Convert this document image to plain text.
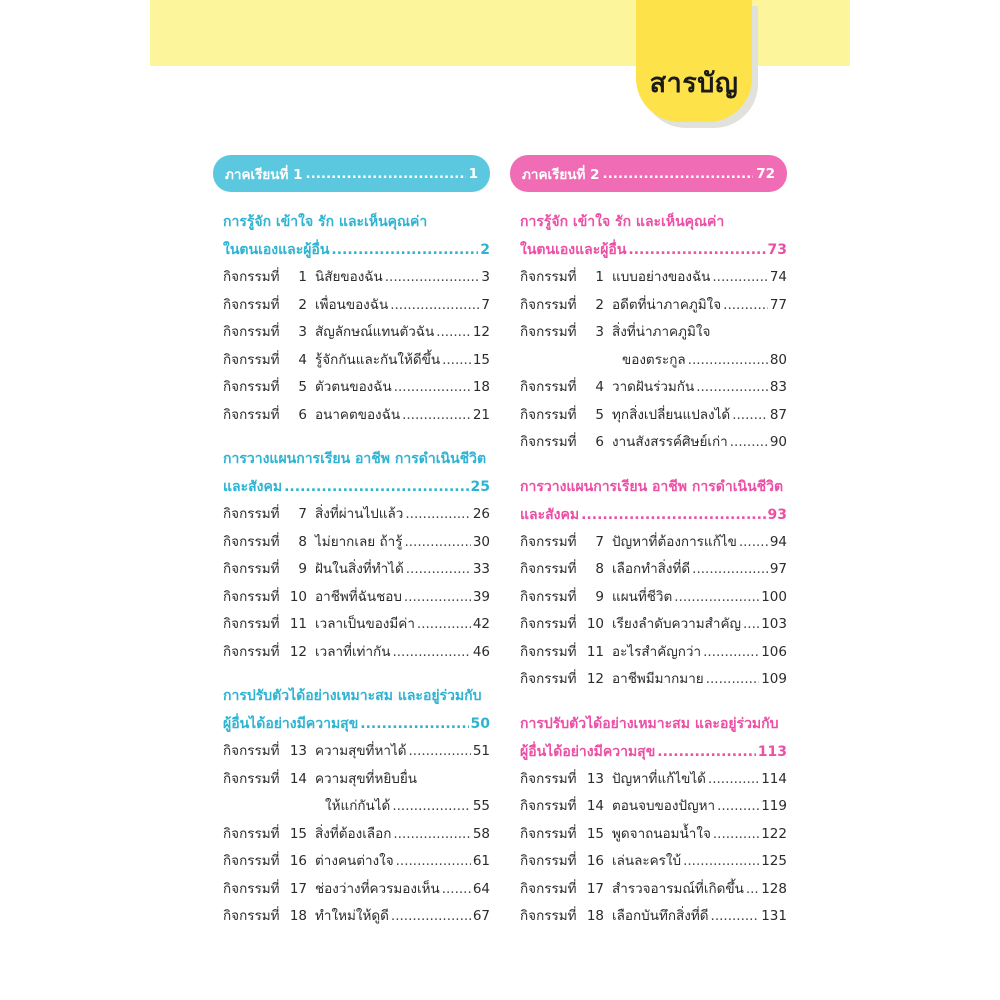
สารบัญ
ภาคเรียนที่ 1 .....	1
การรู้จัก เข้าใจ รัก และเห็นคุณค่า
ในตนเองและผู้อื่น .....	2
กิจกรรมที่	1 นิสัยของฉัน .....	3
กิจกรรมที่	2 เพื่อนของฉัน .....	7
กิจกรรมที่	3 สัญลักษณ์แทนตัวฉัน .....	12
กิจกรรมที่	4 รู้จักกันและกันให้ดีขึ้น ..... 15
กิจกรรมที่	5 ตัวตนของฉัน .....	18
กิจกรรมที่	6 อนาคตของฉัน .....	21
การวางแผนการเรียน อาชีพ การดำเนินชีวิต
และสังคม .....	25
กิจกรรมที่	7 สิ่งที่ผ่านไปแล้ว .....	26
กิจกรรมที่	8 ไม่ยากเลย ถ้ารู้ .....	30
กิจกรรมที่	9 ฝันในสิ่งที่ทำได้ .....	33
กิจกรรมที่ 10 อาชีพที่ฉันชอบ .....	39
กิจกรรมที่ 11 เวลาเป็นของมีค่า .....	42
กิจกรรมที่ 12 เวลาที่เท่ากัน .....	46
การปรับตัวได้อย่างเหมาะสม และอยู่ร่วมกับ
ผู้อื่นได้อย่างมีความสุข .....	50
กิจกรรมที่ 13 ความสุขที่หาได้ .....	51
กิจกรรมที่ 14 ความสุขที่หยิบยื่น
ให้แก่กันได้ .....	55
กิจกรรมที่ 15 สิ่งที่ต้องเลือก .....	58
กิจกรรมที่ 16 ต่างคนต่างใจ .....	61
กิจกรรมที่ 17 ช่องว่างที่ควรมองเห็น ..... 64
กิจกรรมที่ 18 ทำใหม่ให้ดูดี .....	67
ภาคเรียนที่ 2 .....	72
การรู้จัก เข้าใจ รัก และเห็นคุณค่า
ในตนเองและผู้อื่น .....	73
กิจกรรมที่	1 แบบอย่างของฉัน .....	74
กิจกรรมที่	2 อดีตที่น่าภาคภูมิใจ .....	77
กิจกรรมที่	3 สิ่งที่น่าภาคภูมิใจ
ของตระกูล .....	80
กิจกรรมที่	4 วาดฝันร่วมกัน .....	83
กิจกรรมที่	5 ทุกสิ่งเปลี่ยนแปลงได้ .....	87
กิจกรรมที่	6 งานสังสรรค์ศิษย์เก่า .....	90
การวางแผนการเรียน อาชีพ การดำเนินชีวิต
และสังคม .....	93
กิจกรรมที่	7 ปัญหาที่ต้องการแก้ไข ..... 94
กิจกรรมที่	8 เลือกทำสิ่งที่ดี .....	97
กิจกรรมที่	9 แผนที่ชีวิต .....	100
กิจกรรมที่ 10 เรียงลำดับความสำคัญ ..... 103
กิจกรรมที่ 11 อะไรสำคัญกว่า .....	106
กิจกรรมที่ 12 อาชีพมีมากมาย .....	109
การปรับตัวได้อย่างเหมาะสม และอยู่ร่วมกับ
ผู้อื่นได้อย่างมีความสุข .....	113
กิจกรรมที่ 13 ปัญหาที่แก้ไขได้ .....	114
กิจกรรมที่ 14 ตอนจบของปัญหา .....	119
กิจกรรมที่ 15 พูดจาถนอมน้ำใจ .....	122
กิจกรรมที่ 16 เล่นละครใบ้ .....	125
กิจกรรมที่ 17 สำรวจอารมณ์ที่เกิดขึ้น ..... 128
กิจกรรมที่ 18 เลือกบันทึกสิ่งที่ดี .....	131
